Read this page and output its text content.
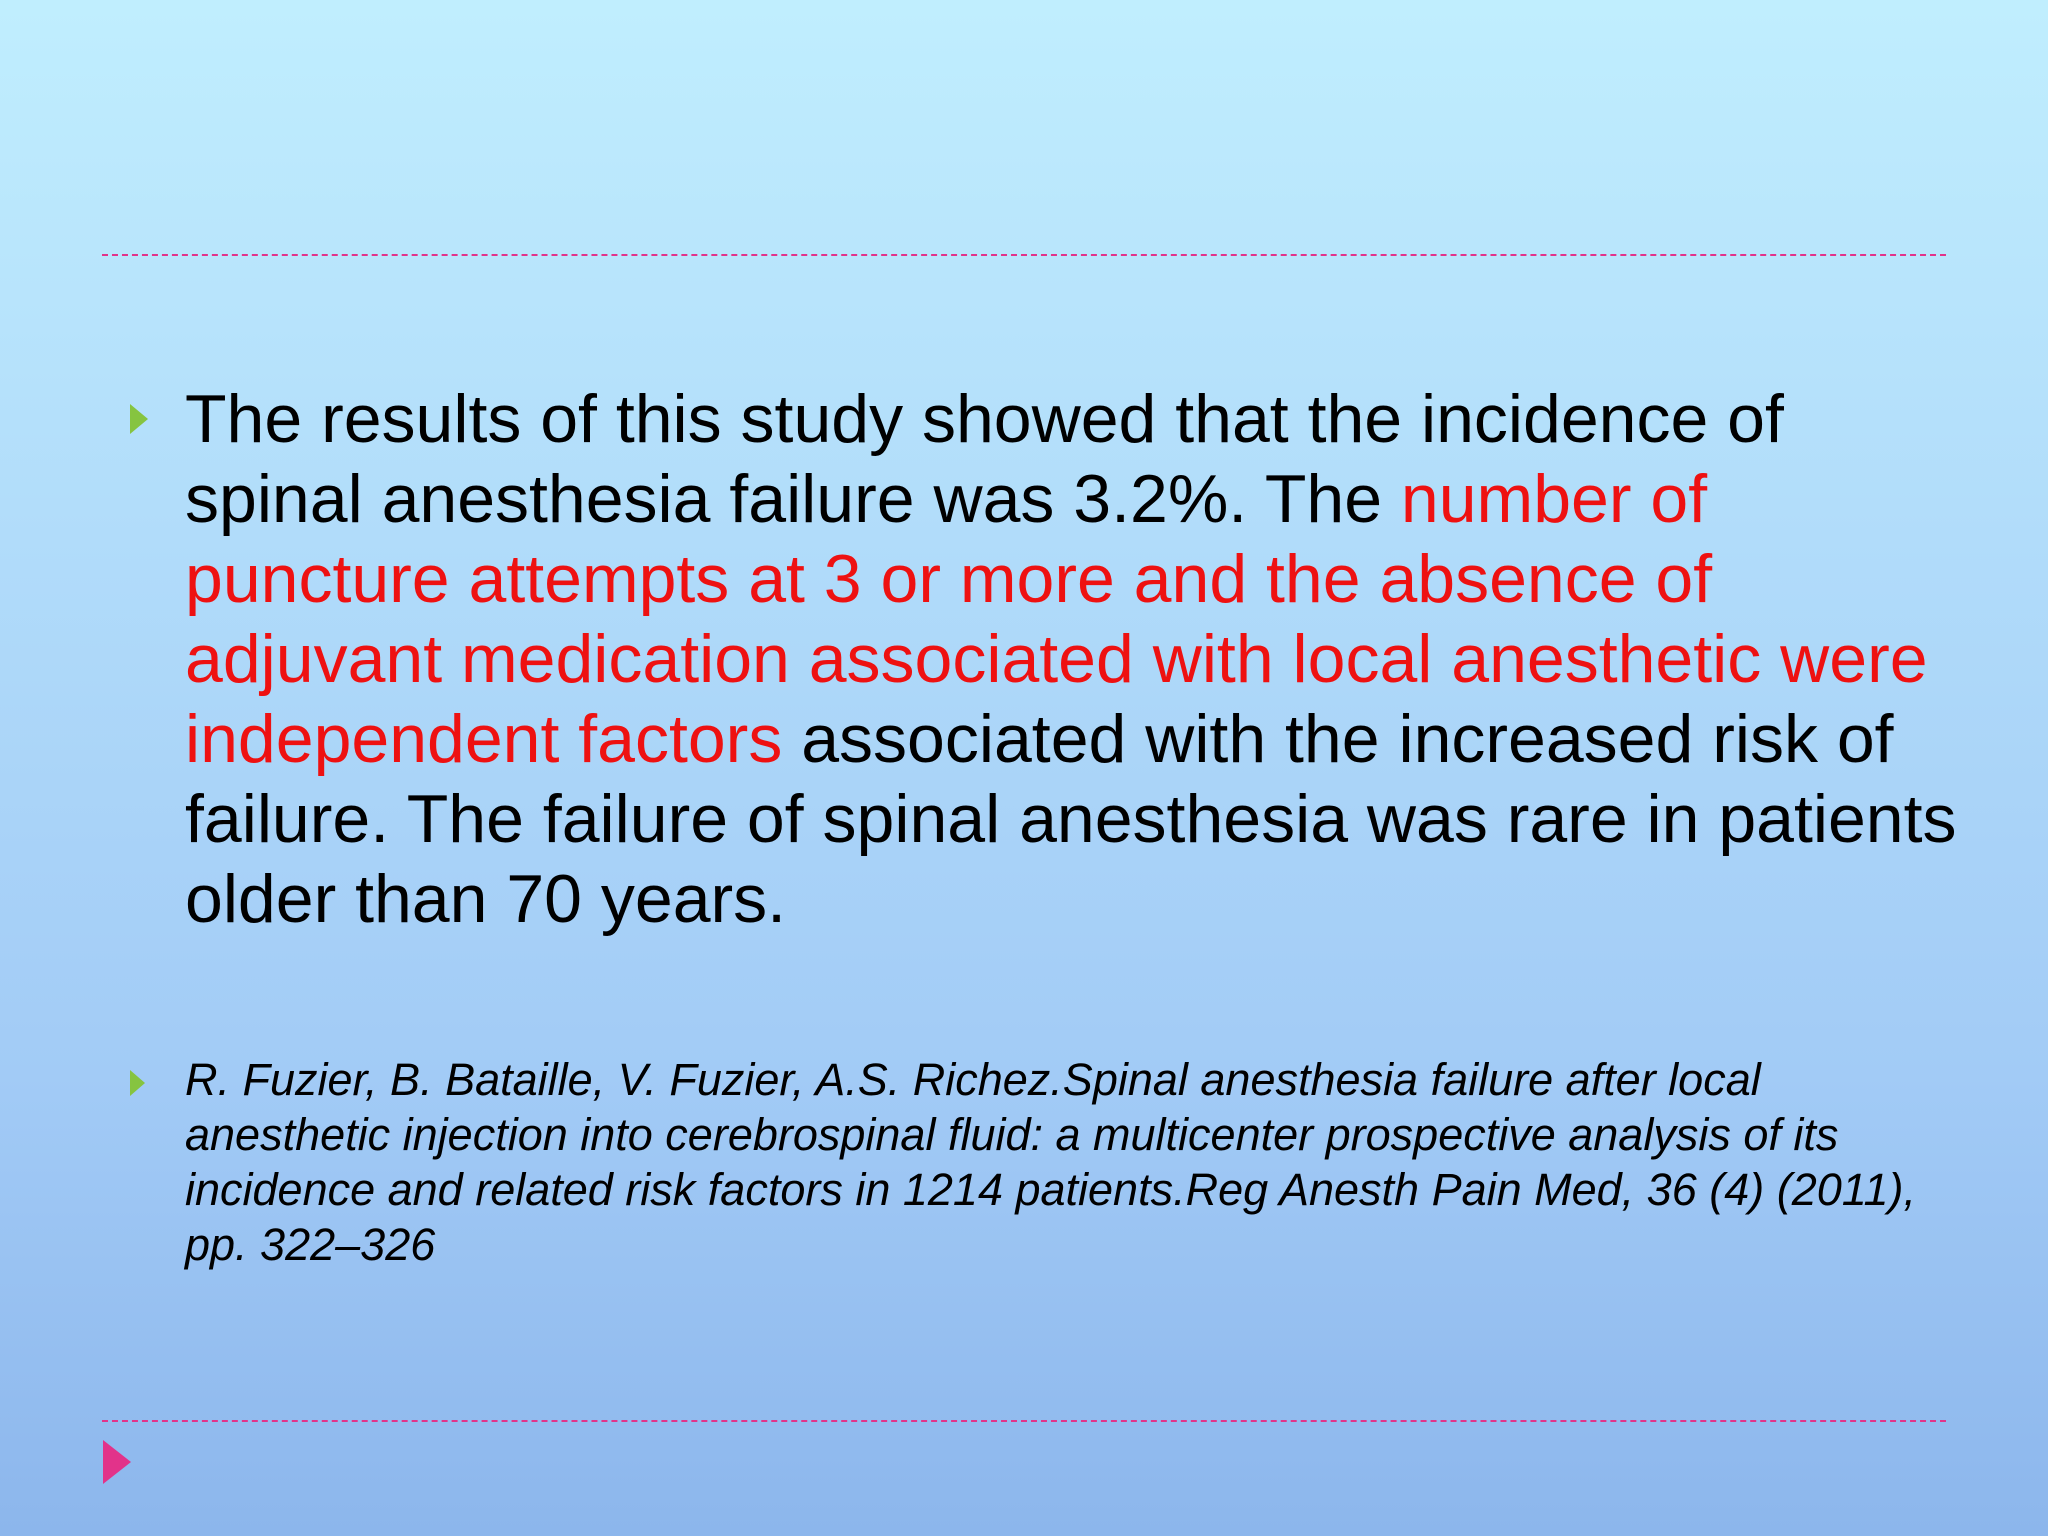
The results of this study showed that the incidence of spinal anesthesia failure was 3.2%. The number of puncture attempts at 3 or more and the absence of adjuvant medication associated with local anesthetic were independent factors associated with the increased risk of failure. The failure of spinal anesthesia was rare in patients older than 70 years.

R. Fuzier, B. Bataille, V. Fuzier, A.S. Richez.Spinal anesthesia failure after local anesthetic injection into cerebrospinal fluid: a multicenter prospective analysis of its incidence and related risk factors in 1214 patients.Reg Anesth Pain Med, 36 (4) (2011), pp. 322–326
